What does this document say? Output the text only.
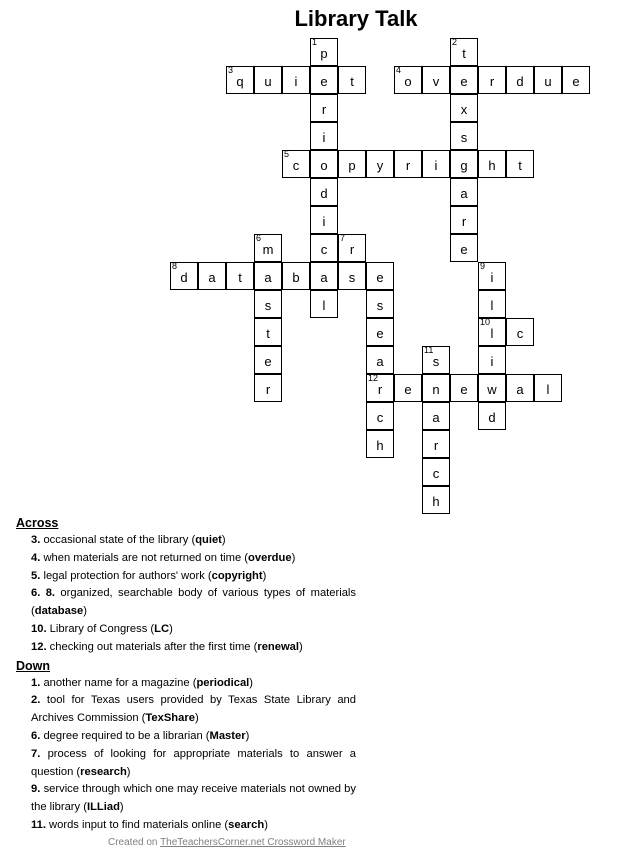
Library Talk
1
p
2
t
3
q	u	i	e	t
4
o	v	e	r	d	u	e
r	x
i	s
5
c	o	p	y	r	i	g	h	t
d	a
i	r
6
m	c
7
r	e
8
d	a	t	a	b	a	s	e
9
i
s	l	s	l
t	e
10
l	c
e	a
11
s	i
r
12
r	e	n	e	w	a	l
c	a	d
h	r
c
h
Across
3. occasional state of the library (quiet)
4. when materials are not returned on time (overdue)
5. legal protection for authors' work (copyright)
6. 8. organized, searchable body of various types of materials (database)
10. Library of Congress (LC)
12. checking out materials after the first time (renewal)
Down
1. another name for a magazine (periodical)
2. tool for Texas users provided by Texas State Library and Archives Commission (TexShare)
6. degree required to be a librarian (Master)
7. process of looking for appropriate materials to answer a question (research)
9. service through which one may receive materials not owned by the library (ILLiad)
11. words input to find materials online (search)
Created on TheTeachersCorner.net Crossword Maker
